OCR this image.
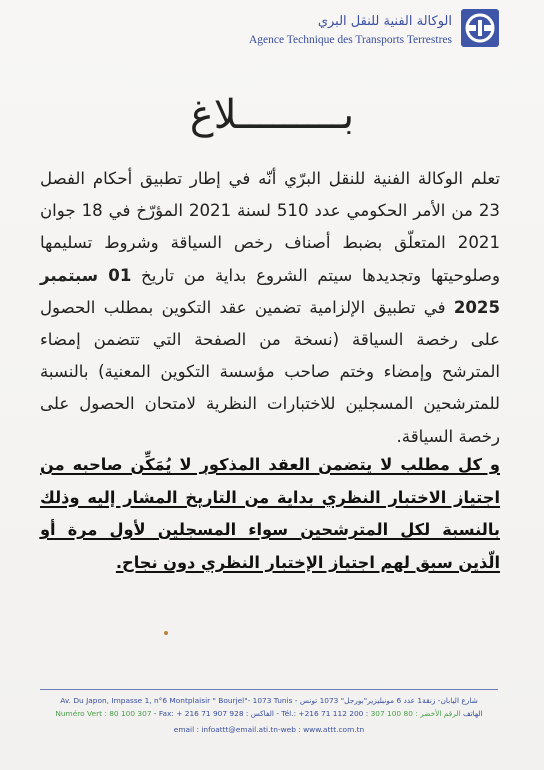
الوكالة الفنية للنقل البري
Agence Technique des Transports Terrestres
بـــــــــلاغ
تعلم الوكالة الفنية للنقل البرّي أنّه في إطار تطبيق أحكام الفصل 23 من الأمر الحكومي عدد 510 لسنة 2021 المؤرّخ في 18 جوان 2021 المتعلّق بضبط أصناف رخص السياقة وشروط تسليمها وصلوحيتها وتجديدها سيتم الشروع بداية من تاريخ 01 سبتمبر 2025 في تطبيق الإلزامية تضمين عقد التكوين بمطلب الحصول على رخصة السياقة (نسخة من الصفحة التي تتضمن إمضاء المترشح وإمضاء وختم صاحب مؤسسة التكوين المعنية) بالنسبة للمترشحين المسجلين للاختبارات النظرية لامتحان الحصول على رخصة السياقة.
و كل مطلب لا يتضمن العقد المذكور لا يُمَكِّن صاحبه من اجتياز الاختبار النظري بداية من التاريخ المشار إليه وذلك بالنسبة لكل المترشحين سواء المسجلين لأول مرة أو الّذين سبق لهم اجتياز الإختبار النظري دون نجاح.
Av. Du Japon, Impasse 1, n°6 Montplaisir " Bourjel"- 1073 Tunis - شارع اليابان- زنقة1 عدد 6 مونبليزير"بورجل" 1073 تونس
Numéro Vert : 80 100 307 - Fax: + 216 71 907 928 : الفاكس - Tél.: +216 71 112 200 : الهاتف الرقم الأخضر : 80 100 307
email : infoattt@email.ati.tn-web : www.attt.com.tn
